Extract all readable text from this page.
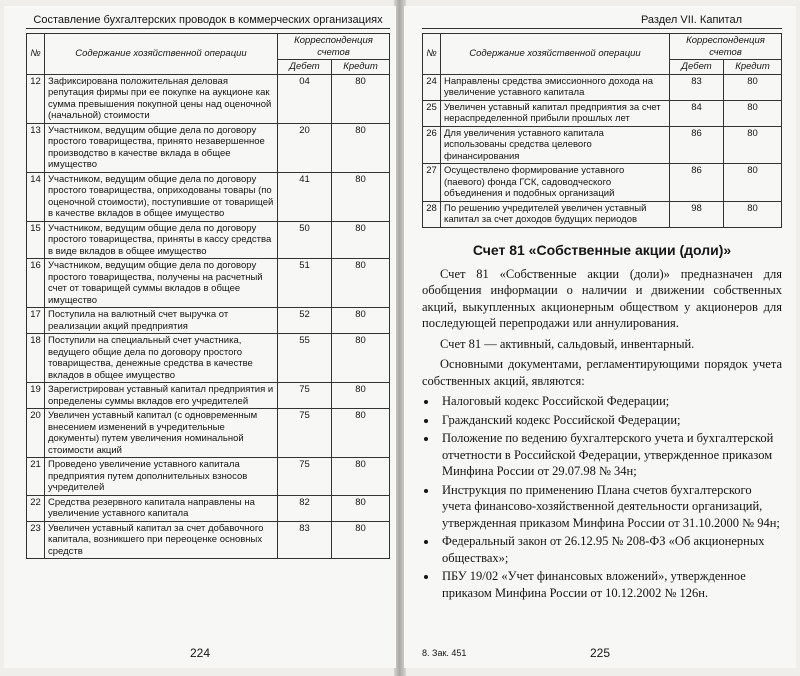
Составление бухгалтерских проводок в коммерческих организациях
№	Содержание хозяйственной операции	Корреспонденция счетов	
		Дебет	Кредит
12	Зафиксирована положительная деловая репутация фирмы при ее покупке на аукционе как сумма превышения покупной цены над оценочной (начальной) стоимости	04	80
13	Участником, ведущим общие дела по договору простого товарищества, принято незавершенное производство в качестве вклада в общее имущество	20	80
14	Участником, ведущим общие дела по договору простого товарищества, оприходованы товары (по оценочной стоимости), поступившие от товарищей в качестве вкладов в общее имущество	41	80
15	Участником, ведущим общие дела по договору простого товарищества, приняты в кассу средства в виде вкладов в общее имущество	50	80
16	Участником, ведущим общие дела по договору простого товарищества, получены на расчетный счет от товарищей суммы вкладов в общее имущество	51	80
17	Поступила на валютный счет выручка от реализации акций предприятия	52	80
18	Поступили на специальный счет участника, ведущего общие дела по договору простого товарищества, денежные средства в качестве вкладов в общее имущество	55	80
19	Зарегистрирован уставный капитал предприятия и определены суммы вкладов его учредителей	75	80
20	Увеличен уставный капитал (с одновременным внесением изменений в учредительные документы) путем увеличения номинальной стоимости акций	75	80
21	Проведено увеличение уставного капитала предприятия путем дополнительных взносов учредителей	75	80
22	Средства резервного капитала направлены на увеличение уставного капитала	82	80
23	Увеличен уставный капитал за счет добавочного капитала, возникшего при переоценке основных средств	83	80
224
Раздел VII. Капитал
№	Содержание хозяйственной операции	Корреспонденция счетов	
		Дебет	Кредит
24	Направлены средства эмиссионного дохода на увеличение уставного капитала	83	80
25	Увеличен уставный капитал предприятия за счет нераспределенной прибыли прошлых лет	84	80
26	Для увеличения уставного капитала использованы средства целевого финансирования	86	80
27	Осуществлено формирование уставного (паевого) фонда ГСК, садоводческого объединения и подобных организаций	86	80
28	По решению учредителей увеличен уставный капитал за счет доходов будущих периодов	98	80
Счет 81 «Собственные акции (доли)»

Счет 81 «Собственные акции (доли)» предназначен для обобщения информации о наличии и движении собственных акций, выкупленных акционерным обществом у акционеров для последующей перепродажи или аннулирования.

Счет 81 — активный, сальдовый, инвентарный.

Основными документами, регламентирующими порядок учета собственных акций, являются:

• Налоговый кодекс Российской Федерации;
• Гражданский кодекс Российской Федерации;
• Положение по ведению бухгалтерского учета и бухгалтерской отчетности в Российской Федерации, утвержденное приказом Минфина России от 29.07.98 № 34н;
• Инструкция по применению Плана счетов бухгалтерского учета финансово-хозяйственной деятельности организаций, утвержденная приказом Минфина России от 31.10.2000 № 94н;
• Федеральный закон от 26.12.95 № 208-ФЗ «Об акционерных обществах»;
• ПБУ 19/02 «Учет финансовых вложений», утвержденное приказом Минфина России от 10.12.2002 № 126н.
8. Зак. 451	225
